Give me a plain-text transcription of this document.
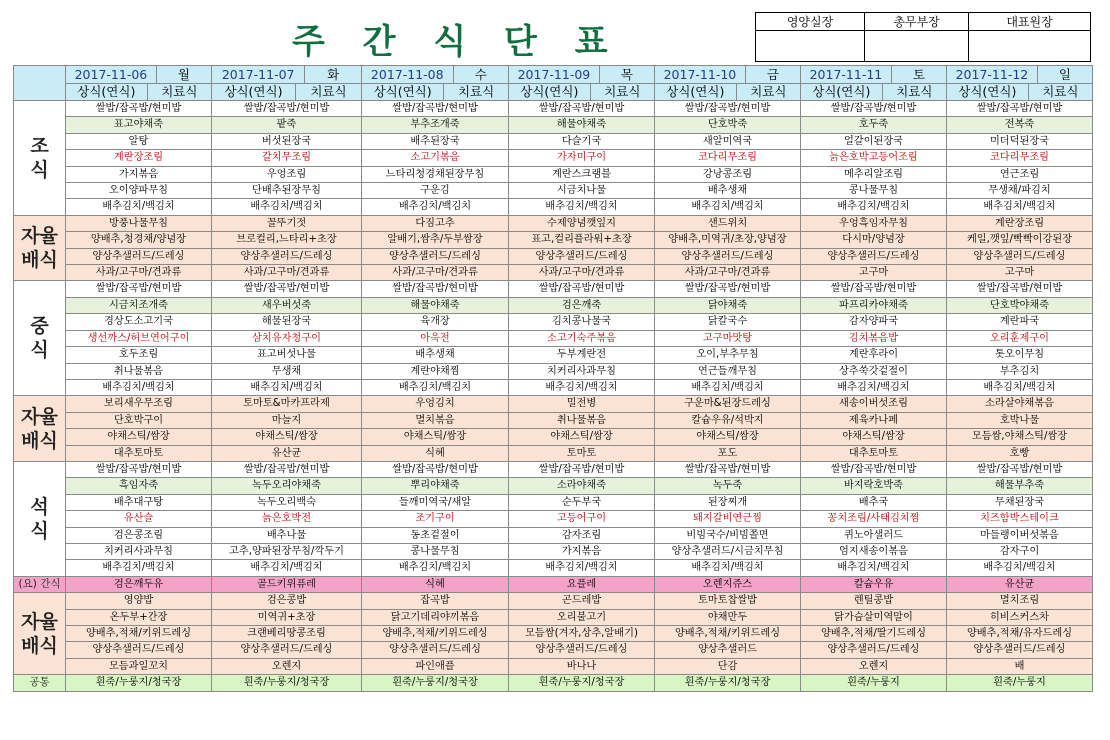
주 간 식 단 표	영양실장	총무부장	대표원장

	2017-11-06 월	2017-11-07 화	2017-11-08 수	2017-11-09 목	2017-11-10 금	2017-11-11 토	2017-11-12 일

	상식(연식) 치료식	상식(연식) 치료식	상식(연식) 치료식	상식(연식) 치료식	상식(연식) 치료식	상식(연식) 치료식	상식(연식) 치료식

조
식	쌀밥/잡곡밥/현미밥	쌀밥/잡곡밥/현미밥	쌀밥/잡곡밥/현미밥	쌀밥/잡곡밥/현미밥	쌀밥/잡곡밥/현미밥	쌀밥/잡곡밥/현미밥	쌀밥/잡곡밥/현미밥
	표고야채죽	팥죽	부추조개죽	해물야채죽	단호박죽	호두죽	전복죽
	알탕	버섯된장국	배추된장국	다슬기국	새알미역국	얼갈이된장국	미더덕된장국
	계란장조림	갈치무조림	소고기볶음	가자미구이	코다리무조림	늙은호박고등어조림	코다리무조림
	가지볶음	우엉조림	느타리청경채된장무침	계란스크램블	강낭콩조림	메추리알조림	연근조림
	오이양파무침	단배추된장무침	구운김	시금치나물	배추생채	콩나물무침	무생채/파김치
	배추김치/백김치	배추김치/백김치	배추김치/백김치	배추김치/백김치	배추김치/백김치	배추김치/백김치	배추김치/백김치
자율
배식	방풍나물무침	꼴뚜기젓	다짐고추	수제양념깻잎지	샌드위치	우엉흑임자무침	계란장조림
	양배추,청경채/양념장	브로컬리,느타리+초장	알배기,쌈추/두부쌈장	표고,컬리플라워+초장	양배추,미역귀/초장,양념장	다시마/양념장	케일,깻잎/빡빡이강된장
	양상추샐러드/드레싱	양상추샐러드/드레싱	양상추샐러드/드레싱	양상추샐러드/드레싱	양상추샐러드/드레싱	양상추샐러드/드레싱	양상추샐러드/드레싱
	사과/고구마/견과류	사과/고구마/견과류	사과/고구마/견과류	사과/고구마/견과류	사과/고구마/견과류	고구마	고구마
중
식	쌀밥/잡곡밥/현미밥	쌀밥/잡곡밥/현미밥	쌀밥/잡곡밥/현미밥	쌀밥/잡곡밥/현미밥	쌀밥/잡곡밥/현미밥	쌀밥/잡곡밥/현미밥	쌀밥/잡곡밥/현미밥
	시금치조개죽	새우버섯죽	해물야채죽	검은깨죽	닭야채죽	파프리카야채죽	단호박야채죽
	경상도소고기국	해물된장국	육개장	김치콩나물국	닭칼국수	감자양파국	계란파국
	생선까스/허브연어구이	삼치유자청구이	아욱전	소고기숙주볶음	고구마맛탕	김치볶음밥	오리훈제구이
	호두조림	표고버섯나물	배추생채	두부계란전	오이,부추무침	계란후라이	톳오이무침
	취나물볶음	무생채	계란야채찜	치커리사과무침	연근들깨무침	상추쑥갓겉절이	부추김치
	배추김치/백김치	배추김치/백김치	배추김치/백김치	배추김치/백김치	배추김치/백김치	배추김치/백김치	배추김치/백김치
자율
배식	보리새우무조림	토마토&마카프라제	우엉김치	밀전병	구운마&된장드레싱	새송이버섯조림	소라살야채볶음
	단호박구이	마늘지	멸치볶음	취나물볶음	칼슘우유/석박지	제육카나페	호박나물
	야채스틱/쌈장	야채스틱/쌈장	야채스틱/쌈장	야채스틱/쌈장	야채스틱/쌈장	야채스틱/쌈장	모듬쌈,야채스틱/쌈장
	대추토마토	유산균	식혜	토마토	포도	대추토마토	호빵
석
식	쌀밥/잡곡밥/현미밥	쌀밥/잡곡밥/현미밥	쌀밥/잡곡밥/현미밥	쌀밥/잡곡밥/현미밥	쌀밥/잡곡밥/현미밥	쌀밥/잡곡밥/현미밥	쌀밥/잡곡밥/현미밥
	흑임자죽	녹두오리야채죽	뿌리야채죽	소라야채죽	녹두죽	바지락호박죽	해물부추죽
	배추대구탕	녹두오리백숙	들깨미역국/새알	순두부국	된장찌개	배추국	무채된장국
	유산슬	늙은호박전	조기구이	고등어구이	돼지갈비연근찜	꽁치조림/사태김치찜	치즈함박스테이크
	검은콩조림	배추나물	동초겉절이	감자조림	비빔국수/비빔쫄면	퀴노아샐러드	마들랭이버섯볶음
	치커리사과무침	고추,양파된장무침/깍두기	콩나물무침	가지볶음	양상추샐러드/시금치무침	엄지새송이볶음	감자구이
	배추김치/백김치	배추김치/백김치	배추김치/백김치	배추김치/백김치	배추김치/백김치	배추김치/백김치	배추김치/백김치
(요) 간식	검은깨두유	골드키위퓨레	식혜	요플레	오렌지쥬스	칼슘우유	유산균
자율
배식	영양밥	검은콩밥	잡곡밥	곤드레밥	토마토찹쌀밥	렌틸콩밥	멸치조림
	온두부+간장	미역귀+초장	닭고기데리야끼볶음	오리불고기	야채만두	닭가슴살미역말이	히비스커스차
	양배추,적채/키위드레싱	크랜베리땅콩조림	양배추,적채/키위드레싱	모듬쌈(겨자,상추,알배기)	양배추,적채/키위드레싱	양배추,적채/딸기드레싱	양배추,적채/유자드레싱
	양상추샐러드/드레싱	양상추샐러드/드레싱	양상추샐러드/드레싱	양상추샐러드/드레싱	양상추샐러드	양상추샐러드/드레싱	양상추샐러드/드레싱
	모듬과일꼬치	오렌지	파인애플	바나나	단감	오렌지	배
공통	흰죽/누룽지/청국장	흰죽/누룽지/청국장	흰죽/누룽지/청국장	흰죽/누룽지/청국장	흰죽/누룽지/청국장	흰죽/누룽지	흰죽/누룽지
